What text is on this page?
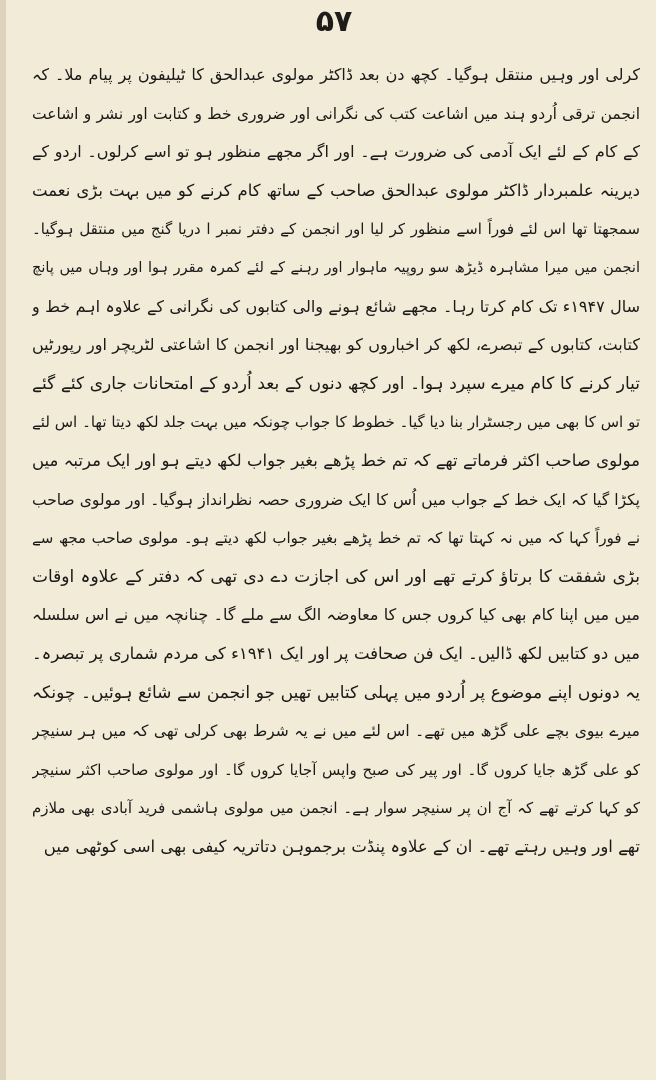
۵۷
کرلی اور وہیں منتقل ہوگیا۔ کچھ دن بعد ڈاکٹر مولوی عبدالحق کا ٹیلیفون پر پیام ملا۔ کہ
انجمن ترقی اُردو ہند میں اشاعت کتب کی نگرانی اور ضروری خط و کتابت اور نشر و اشاعت
کے کام کے لئے ایک آدمی کی ضرورت ہے۔ اور اگر مجھے منظور ہو تو اسے کرلوں۔ اردو کے
دیرینہ علمبردار ڈاکٹر مولوی عبدالحق صاحب کے ساتھ کام کرنے کو میں بہت بڑی نعمت
سمجھتا تھا اس لئے فوراً اسے منظور کر لیا اور انجمن کے دفتر نمبر ا دریا گنج میں منتقل ہوگیا۔
انجمن میں میرا مشاہرہ ڈیڑھ سو روپیہ ماہوار اور رہنے کے لئے کمرہ مقرر ہوا اور وہاں میں پانچ
سال ۱۹۴۷ء تک کام کرتا رہا۔ مجھے شائع ہونے والی کتابوں کی نگرانی کے علاوہ اہم خط و
کتابت، کتابوں کے تبصرے، لکھ کر اخباروں کو بھیجنا اور انجمن کا اشاعتی لٹریچر اور رپورٹیں
تیار کرنے کا کام میرے سپرد ہوا۔ اور کچھ دنوں کے بعد اُردو کے امتحانات جاری کئے گئے
تو اس کا بھی میں رجسٹرار بنا دیا گیا۔ خطوط کا جواب چونکہ میں بہت جلد لکھ دیتا تھا۔ اس لئے
مولوی صاحب اکثر فرماتے تھے کہ تم خط پڑھے بغیر جواب لکھ دیتے ہو اور ایک مرتبہ میں
پکڑا گیا کہ ایک خط کے جواب میں اُس کا ایک ضروری حصہ نظرانداز ہوگیا۔ اور مولوی صاحب
نے فوراً کہا کہ میں نہ کہتا تھا کہ تم خط پڑھے بغیر جواب لکھ دیتے ہو۔ مولوی صاحب مجھ سے
بڑی شفقت کا برتاؤ کرتے تھے اور اس کی اجازت دے دی تھی کہ دفتر کے علاوہ اوقات
میں میں اپنا کام بھی کیا کروں جس کا معاوضہ الگ سے ملے گا۔ چنانچہ میں نے اس سلسلہ
میں دو کتابیں لکھ ڈالیں۔ ایک فن صحافت پر اور ایک ۱۹۴۱ء کی مردم شماری پر تبصرہ۔
یہ دونوں اپنے موضوع پر اُردو میں پہلی کتابیں تھیں جو انجمن سے شائع ہوئیں۔ چونکہ
میرے بیوی بچے علی گڑھ میں تھے۔ اس لئے میں نے یہ شرط بھی کرلی تھی کہ میں ہر سنیچر
کو علی گڑھ جایا کروں گا۔ اور پیر کی صبح واپس آجایا کروں گا۔ اور مولوی صاحب اکثر سنیچر
کو کہا کرتے تھے کہ آج ان پر سنیچر سوار ہے۔ انجمن میں مولوی ہاشمی فرید آبادی بھی ملازم
تھے اور وہیں رہتے تھے۔ ان کے علاوہ پنڈت برجموہن دتاتریہ کیفی بھی اسی کوٹھی میں
